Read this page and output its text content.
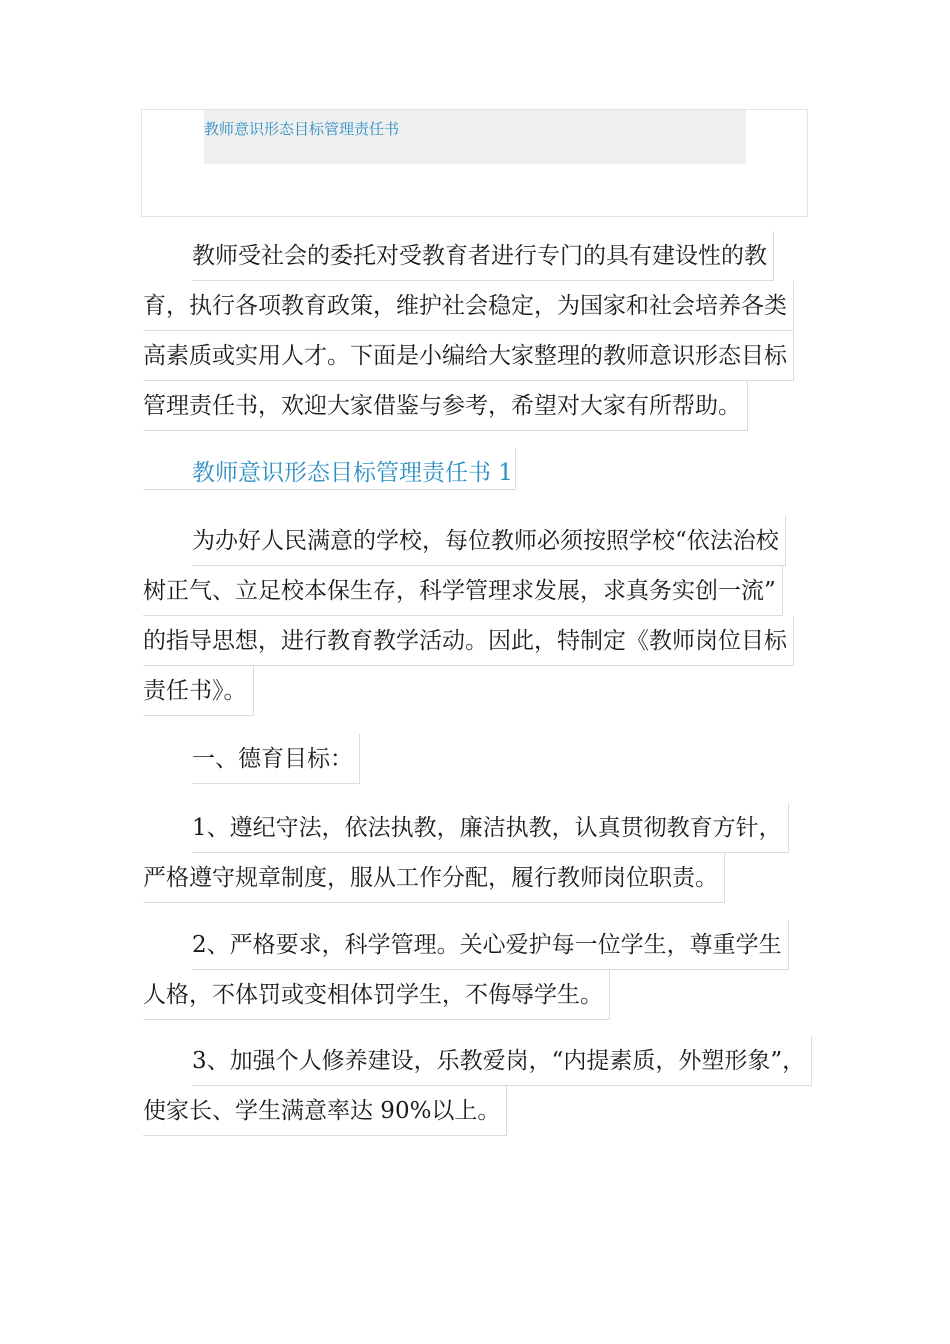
教师意识形态目标管理责任书
教师受社会的委托对受教育者进行专门的具有建设性的教
育，执行各项教育政策，维护社会稳定，为国家和社会培养各类
高素质或实用人才。下面是小编给大家整理的教师意识形态目标
管理责任书，欢迎大家借鉴与参考，希望对大家有所帮助。
教师意识形态目标管理责任书 1
为办好人民满意的学校，每位教师必须按照学校“依法治校
树正气、立足校本保生存，科学管理求发展，求真务实创一流”
的指导思想，进行教育教学活动。因此，特制定《教师岗位目标
责任书》。
一、德育目标：
1、遵纪守法，依法执教，廉洁执教，认真贯彻教育方针，
严格遵守规章制度，服从工作分配，履行教师岗位职责。
2、严格要求，科学管理。关心爱护每一位学生，尊重学生
人格，不体罚或变相体罚学生，不侮辱学生。
3、加强个人修养建设，乐教爱岗，“内提素质，外塑形象”，
使家长、学生满意率达 90%以上。
